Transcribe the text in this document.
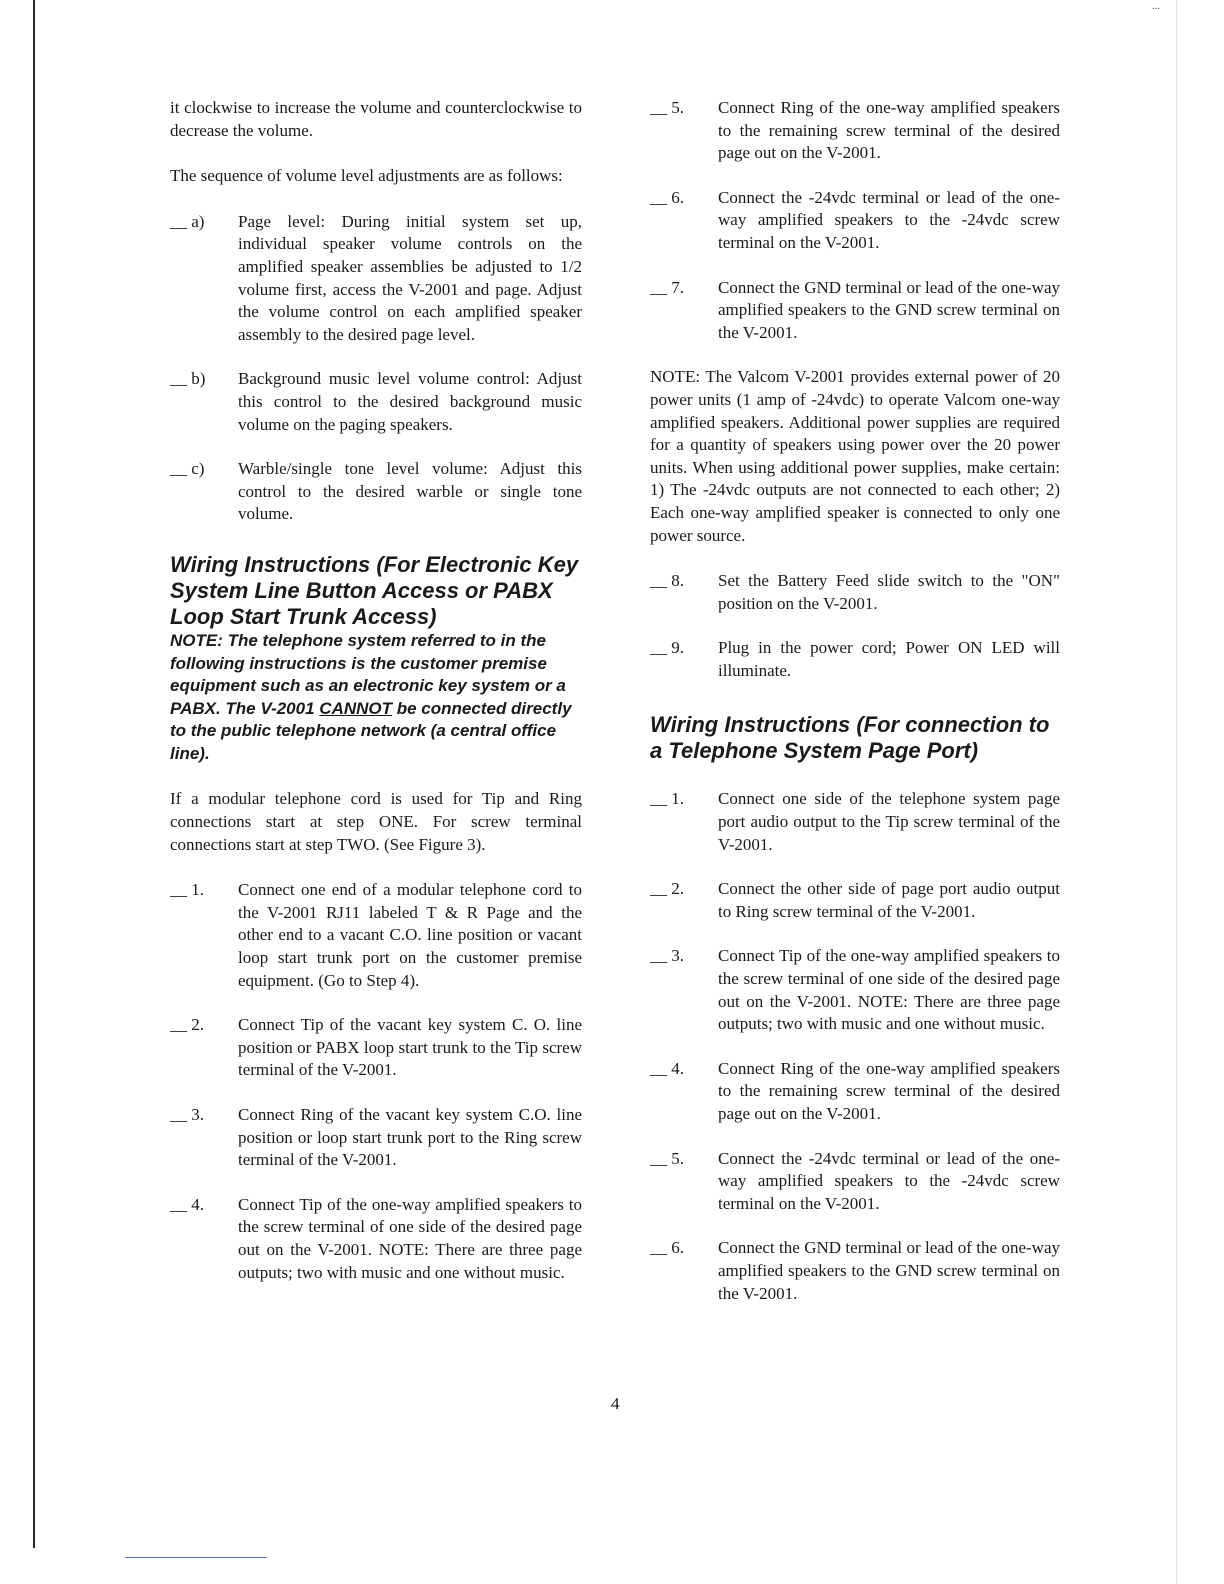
...

it clockwise to increase the volume and counterclockwise to decrease the volume.

The sequence of volume level adjustments are as follows:

__ a)	Page level: During initial system set up, individual speaker volume controls on the amplified speaker assemblies be adjusted to 1/2 volume first, access the V-2001 and page. Adjust the volume control on each amplified speaker assembly to the desired page level.
__ b)	Background music level volume control: Adjust this control to the desired background music volume on the paging speakers.
__ c)	Warble/single tone level volume: Adjust this control to the desired warble or single tone volume.
Wiring Instructions (For Electronic Key System Line Button Access or PABX Loop Start Trunk Access)

NOTE: The telephone system referred to in the following instructions is the customer premise equipment such as an electronic key system or a PABX. The V-2001 CANNOT be connected directly to the public telephone network (a central office line).

If a modular telephone cord is used for Tip and Ring connections start at step ONE. For screw terminal connections start at step TWO. (See Figure 3).

__ 1.	Connect one end of a modular telephone cord to the V-2001 RJ11 labeled T & R Page and the other end to a vacant C.O. line position or vacant loop start trunk port on the customer premise equipment. (Go to Step 4).
__ 2.	Connect Tip of the vacant key system C. O. line position or PABX loop start trunk to the Tip screw terminal of the V-2001.
__ 3.	Connect Ring of the vacant key system C.O. line position or loop start trunk port to the Ring screw terminal of the V-2001.
__ 4.	Connect Tip of the one-way amplified speakers to the screw terminal of one side of the desired page out on the V-2001. NOTE: There are three page outputs; two with music and one without music.
__ 5.	Connect Ring of the one-way amplified speakers to the remaining screw terminal of the desired page out on the V-2001.
__ 6.	Connect the -24vdc terminal or lead of the one-way amplified speakers to the -24vdc screw terminal on the V-2001.
__ 7.	Connect the GND terminal or lead of the one-way amplified speakers to the GND screw terminal on the V-2001.

NOTE: The Valcom V-2001 provides external power of 20 power units (1 amp of -24vdc) to operate Valcom one-way amplified speakers. Additional power supplies are required for a quantity of speakers using power over the 20 power units. When using additional power supplies, make certain: 1) The -24vdc outputs are not connected to each other; 2) Each one-way amplified speaker is connected to only one power source.

__ 8.	Set the Battery Feed slide switch to the "ON" position on the V-2001.
__ 9.	Plug in the power cord; Power ON LED will illuminate.
Wiring Instructions (For connection to a Telephone System Page Port)
__ 1.	Connect one side of the telephone system page port audio output to the Tip screw terminal of the V-2001.
__ 2.	Connect the other side of page port audio output to Ring screw terminal of the V-2001.
__ 3.	Connect Tip of the one-way amplified speakers to the screw terminal of one side of the desired page out on the V-2001. NOTE: There are three page outputs; two with music and one without music.
__ 4.	Connect Ring of the one-way amplified speakers to the remaining screw terminal of the desired page out on the V-2001.
__ 5.	Connect the -24vdc terminal or lead of the one-way amplified speakers to the -24vdc screw terminal on the V-2001.
__ 6.	Connect the GND terminal or lead of the one-way amplified speakers to the GND screw terminal on the V-2001.
4
